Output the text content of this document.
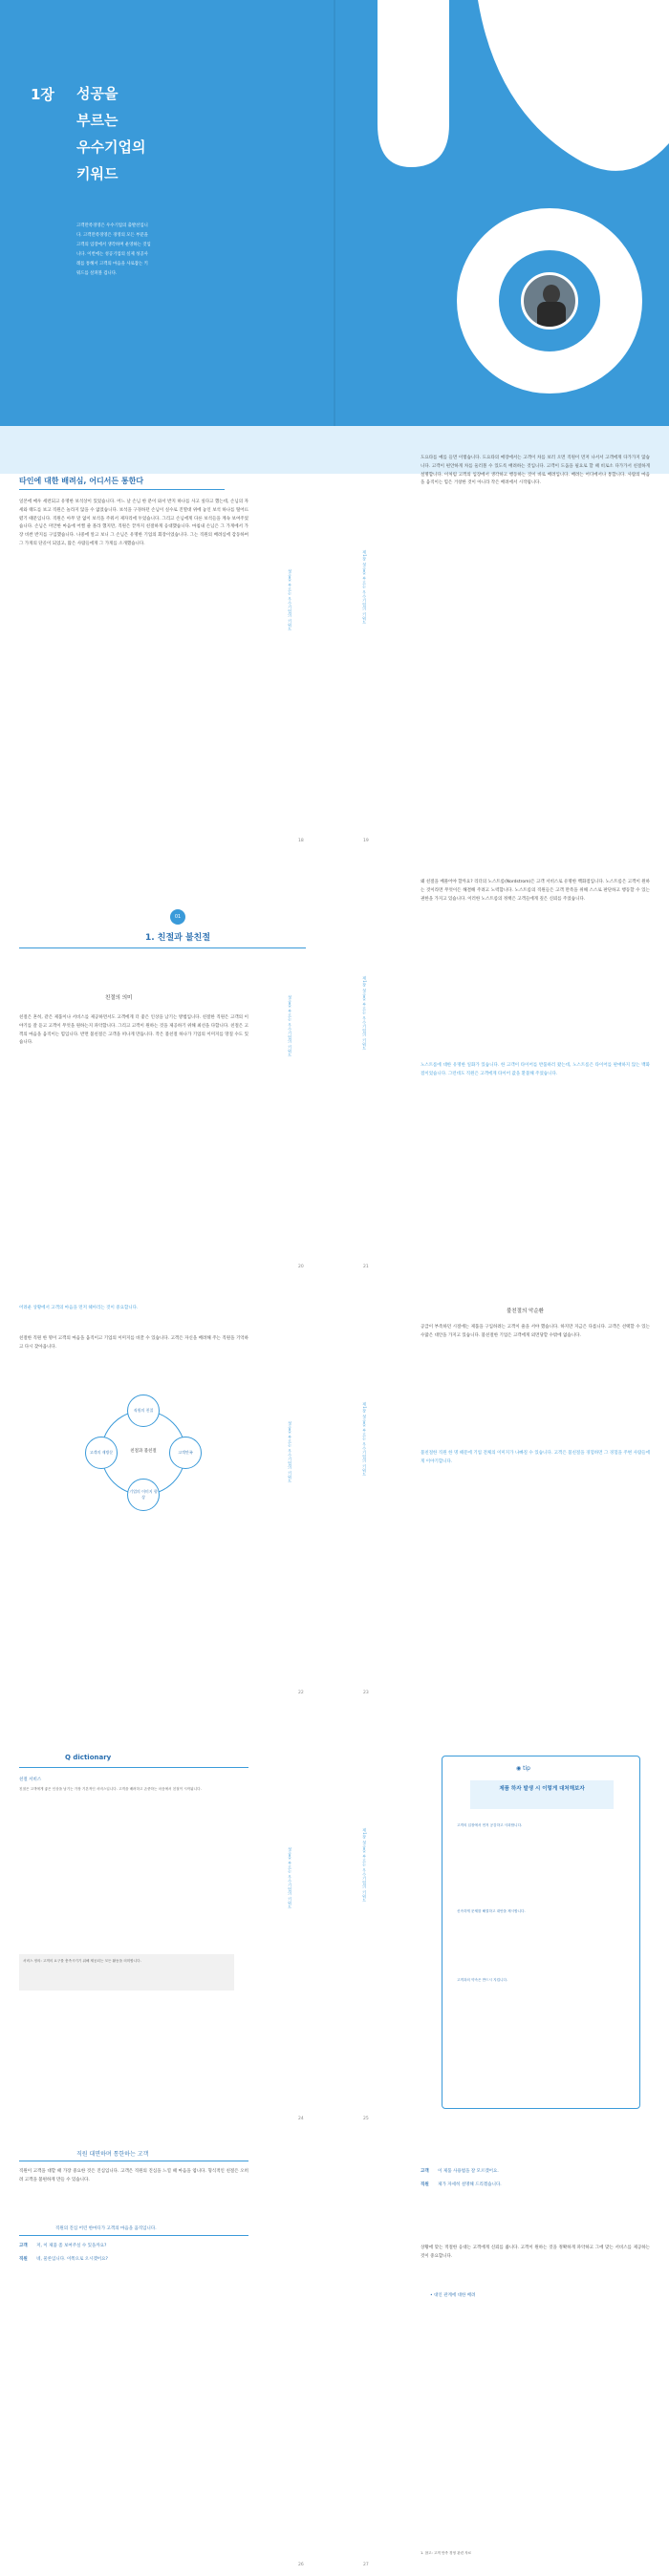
1장 성공을
부르는
우수기업의
키워드
고객만족경영은 우수기업의 출발선입니다. 고객만족경영은 경영의 모든 부분을 고객의 입장에서 생각하며 운영하는 것입니다. 이번에는 성공기업의 실제 성공사례를 통해서 고객의 마음을 사로잡는 키워드를 살펴볼 겁니다.
타인에 대한 배려심, 어디서든 통한다
일본에 매우 세련되고 유명한 보석상이 있었습니다. 어느 날 손님 한 분이 와서 반지 하나를 사고 싶다고 했는데, 손님의 자세와 태도를 보고 직원은 놀라지 않을 수 없었습니다. 보석을 구경하던 손님이 실수로 진열대 위에 놓인 보석 하나를 떨어뜨렸기 때문입니다. 직원은 아무 말 없이 보석을 주워서 제자리에 두었습니다. 그리고 손님에게 다른 보석들을 계속 보여주었습니다. 손님은 미안한 마음에 어쩔 줄 몰라 했지만, 직원은 끝까지 친절하게 응대했습니다. 마침내 손님은 그 가게에서 가장 비싼 반지를 구입했습니다. 나중에 알고 보니 그 손님은 유명한 기업의 회장이었습니다. 그는 직원의 배려심에 감동하여 그 가게의 단골이 되었고, 많은 사람들에게 그 가게를 소개했습니다.
성공을 부르는 우수기업의 키워드	제1장 성공을 부르는 우수기업의 키워드
도요타를 예를 들면 이렇습니다. 도요타의 매장에서는 고객이 차를 보러 오면 직원이 먼저 나서서 고객에게 다가가지 않습니다. 고객이 편안하게 차를 둘러볼 수 있도록 배려하는 것입니다. 고객이 도움을 필요로 할 때 비로소 다가가서 친절하게 설명합니다. 이처럼 고객의 입장에서 생각하고 행동하는 것이 바로 배려입니다. 배려는 어디에서나 통합니다. 사람의 마음을 움직이는 힘은 거창한 것이 아니라 작은 배려에서 시작됩니다.
18	19
01
1. 친절과 불친절
친절의 의미
친절은 흔히, 같은 제품이나 서비스를 제공하면서도 고객에게 더 좋은 인상을 남기는 방법입니다. 친절한 직원은 고객의 이야기를 잘 듣고 고객이 무엇을 원하는지 파악합니다. 그리고 고객이 원하는 것을 제공하기 위해 최선을 다합니다. 친절은 고객의 마음을 움직이는 힘입니다. 반면 불친절은 고객을 떠나게 만듭니다. 작은 불친절 하나가 기업의 이미지를 망칠 수도 있습니다.	성공을 부르는 우수기업의 키워드	제1장 성공을 부르는 우수기업의 키워드
왜 친절을 베풀어야 할까요? 리더의 노스트롬(Nordstrom)은 고객 서비스로 유명한 백화점입니다. 노스트롬은 고객이 원하는 것이라면 무엇이든 해결해 주려고 노력합니다. 노스트롬의 직원들은 고객 만족을 위해 스스로 판단하고 행동할 수 있는 권한을 가지고 있습니다. 이러한 노스트롬의 정책은 고객들에게 깊은 신뢰를 주었습니다.
노스트롬에 대한 유명한 일화가 있습니다. 한 고객이 타이어를 반품하러 왔는데, 노스트롬은 타이어를 판매하지 않는 백화점이었습니다. 그런데도 직원은 고객에게 타이어 값을 환불해 주었습니다.
20	21
어려운 상황에서 고객의 마음을 먼저 헤아리는 것이 중요합니다.
친절한 직원 한 명이 고객의 마음을 움직이고 기업의 이미지를 바꿀 수 있습니다. 고객은 자신을 배려해 주는 직원을 기억하고 다시 찾아옵니다.
친절과 불친절
직원의 친절
고객만족
기업의 이미지 향상
고객의 재방문	성공을 부르는 우수기업의 키워드	제1장 성공을 부르는 우수기업의 키워드
불친절의 악순환
공급이 부족하던 시절에는 제품을 구입하려는 고객이 줄을 서야 했습니다. 하지만 지금은 다릅니다. 고객은 선택할 수 있는 수많은 대안을 가지고 있습니다. 불친절한 기업은 고객에게 외면당할 수밖에 없습니다.
불친절한 직원 한 명 때문에 기업 전체의 이미지가 나빠질 수 있습니다. 고객은 불친절을 경험하면 그 경험을 주변 사람들에게 이야기합니다.
22	23
Q dictionary
친절 서비스
친절은 고객에게 좋은 인상을 남기는 가장 기본적인 서비스입니다. 고객을 배려하고 존중하는 마음에서 친절이 시작됩니다.
서비스 정의: 고객의 요구를 충족시키기 위해 제공되는 모든 활동을 의미합니다.
성공을 부르는 우수기업의 키워드	제1장 성공을 부르는 우수기업의 키워드
◉ tip
제품 하자 발생 시 이렇게 대처해보자
고객의 입장에서 먼저 공감하고 사과합니다.
신속하게 문제를 해결하고 대안을 제시합니다.
고객과의 약속은 반드시 지킵니다.
24	25
직원 대면하며 통한하는 고객
직원이 고객을 대할 때 가장 중요한 것은 진심입니다. 고객은 직원의 진심을 느낄 때 마음을 엽니다. 형식적인 친절은 오히려 고객을 불편하게 만들 수 있습니다.
직원의 진심 어린 한마디가 고객의 마음을 움직입니다.
고객 저, 이 제품 좀 보여주실 수 있을까요?
직원 네, 물론입니다. 이쪽으로 오시겠어요?
고객 이 제품 사용법을 잘 모르겠어요.
직원 제가 자세히 설명해 드리겠습니다.
상황에 맞는 적절한 응대는 고객에게 신뢰를 줍니다. 고객이 원하는 것을 정확하게 파악하고 그에 맞는 서비스를 제공하는 것이 중요합니다.
• 대인 관계에 대한 배려
1. 참고: 고객 만족 경영 관련 자료
26	27
